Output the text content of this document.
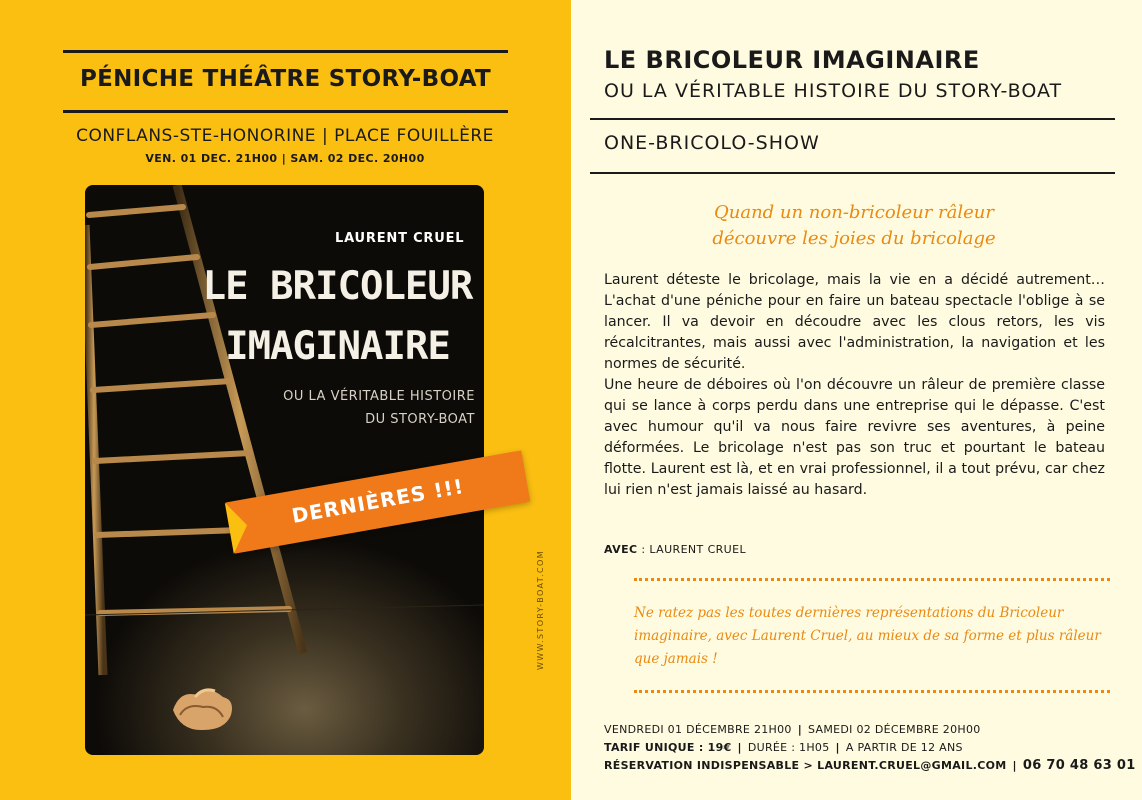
PÉNICHE THÉÂTRE STORY-BOAT
CONFLANS-STE-HONORINE | PLACE FOUILLÈRE
VEN. 01 DEC. 21H00 | SAM. 02 DEC. 20H00
LAURENT CRUEL
LE BRICOLEUR
IMAGINAIRE
OU LA VÉRITABLE HISTOIRE
DU STORY-BOAT
DERNIÈRES !!!
WWW.STORY-BOAT.COM
LE BRICOLEUR IMAGINAIRE
OU LA VÉRITABLE HISTOIRE DU STORY-BOAT
ONE-BRICOLO-SHOW
Quand un non-bricoleur râleur
découvre les joies du bricolage

Laurent déteste le bricolage, mais la vie en a décidé autrement… L'achat d'une péniche pour en faire un bateau spectacle l'oblige à se lancer. Il va devoir en découdre avec les clous retors, les vis récalcitrantes, mais aussi avec l'administration, la navigation et les normes de sécurité.

Une heure de déboires où l'on découvre un râleur de première classe qui se lance à corps perdu dans une entreprise qui le dépasse. C'est avec humour qu'il va nous faire revivre ses aventures, à peine déformées. Le bricolage n'est pas son truc et pourtant le bateau flotte. Laurent est là, et en vrai professionnel, il a tout prévu, car chez lui rien n'est jamais laissé au hasard.

AVEC : LAURENT CRUEL
Ne ratez pas les toutes dernières représentations du Bricoleur imaginaire, avec Laurent Cruel, au mieux de sa forme et plus râleur que jamais !
VENDREDI 01 DÉCEMBRE 21H00 | SAMEDI 02 DÉCEMBRE 20H00
TARIF UNIQUE : 19€ | DURÉE : 1H05 | A PARTIR DE 12 ANS
RÉSERVATION INDISPENSABLE > LAURENT.CRUEL@GMAIL.COM | 06 70 48 63 01
